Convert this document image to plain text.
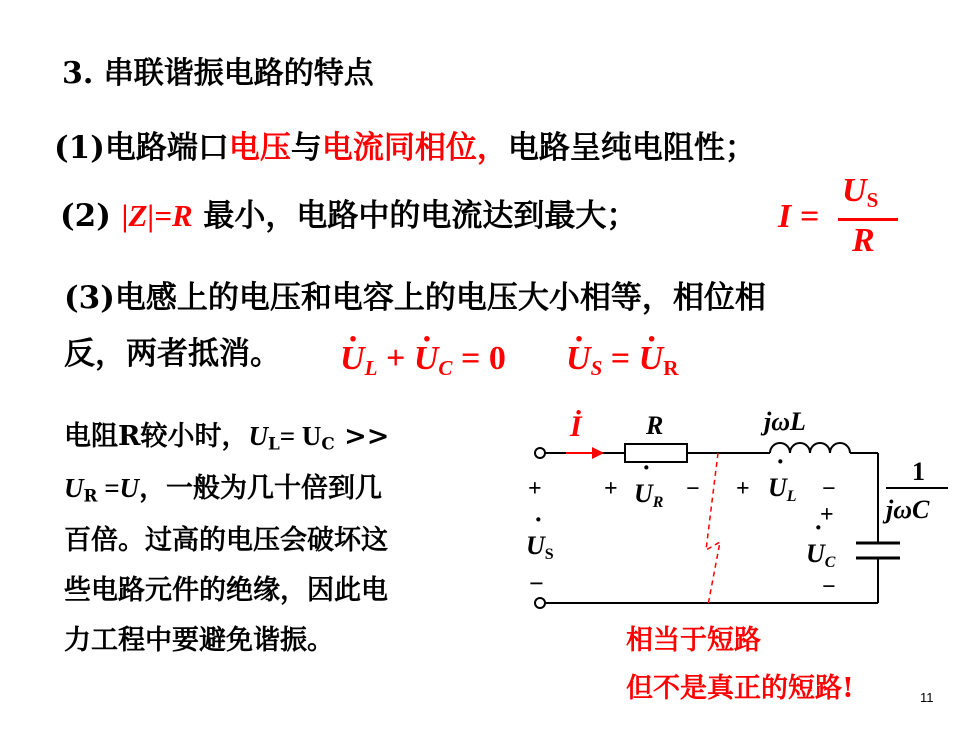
3. 串联谐振电路的特点
(1)电路端口电压与电流同相位，电路呈纯电阻性；
(2) |Z|=R 最小，电路中的电流达到最大；	I =
$U_S$
R
(3)电感上的电压和电容上的电压大小相等，相位相
反，两者抵消。
· $U_L$ + · $U_C = 0$
· $U_S$ = · $U_R$
电阻R较小时，$U_L= U_C$ >>
$U_R =U$，一般为几十倍到几
百倍。过高的电压会破坏这
些电路元件的绝缘，因此电
力工程中要避免谐振。
İ R	jωL
1
jωC
+
US
·
−
+ UR
·
− + UL
·
−
+
UC
·
−
相当于短路
但不是真正的短路!	11
